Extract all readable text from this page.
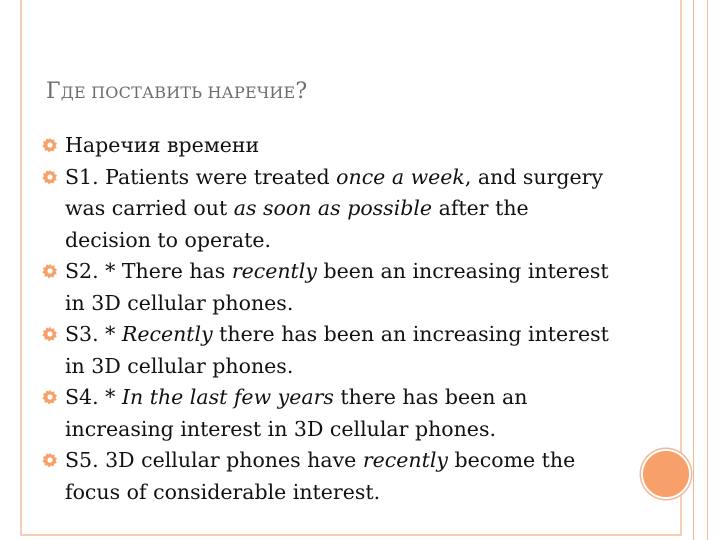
ГДЕ ПОСТАВИТЬ НАРЕЧИЕ?
Наречия времени
S1. Patients were treated once a week, and surgery was carried out as soon as possible after the decision to operate.
S2. * There has recently been an increasing interest in 3D cellular phones.
S3. * Recently there has been an increasing interest in 3D cellular phones.
S4. * In the last few years there has been an increasing interest in 3D cellular phones.
S5. 3D cellular phones have recently become the focus of considerable interest.
